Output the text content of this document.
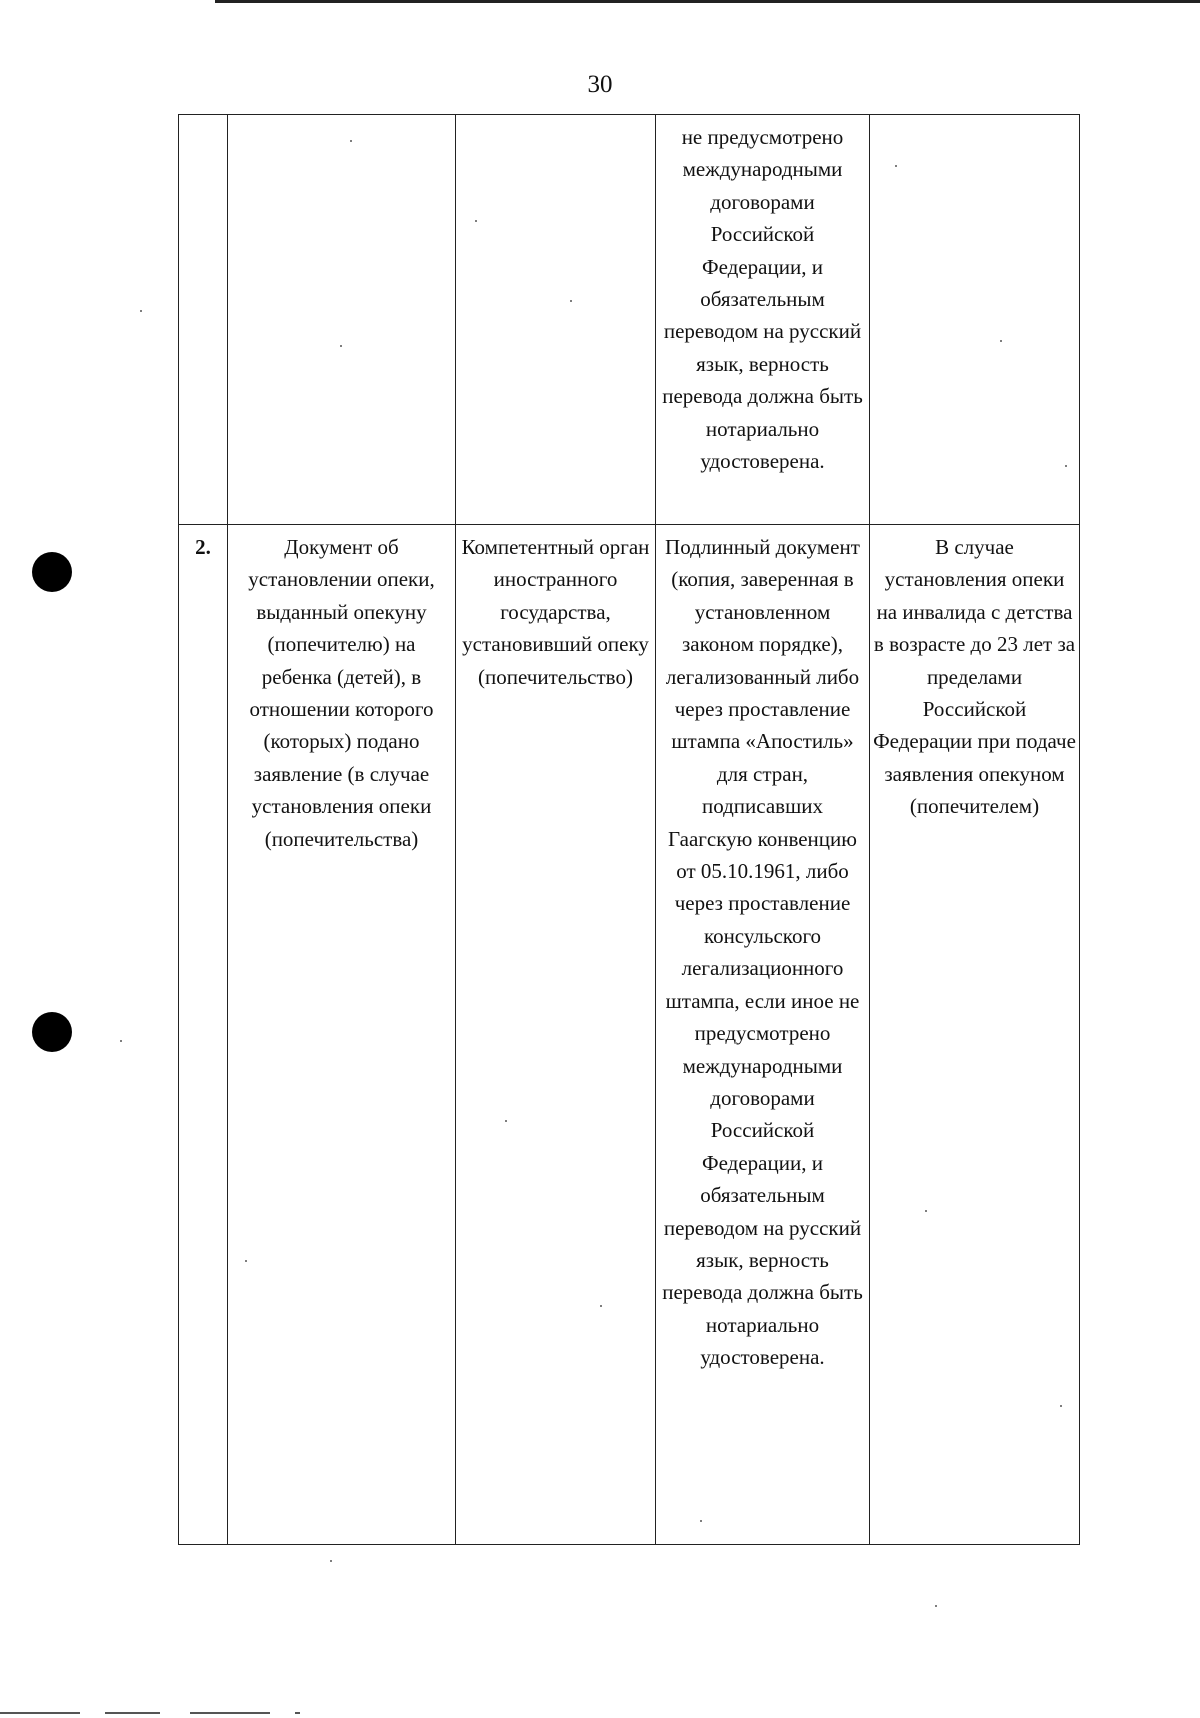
30
			не предусмотрено международными договорами Российской Федерации, и обязательным переводом на русский язык, верность перевода должна быть нотариально удостоверена.	
2.	Документ об установлении опеки, выданный опекуну (попечителю) на ребенка (детей), в отношении которого (которых) подано заявление (в случае установления опеки (попечительства)	Компетентный орган иностранного государства, установивший опеку (попечительство)	Подлинный документ (копия, заверенная в установленном законом порядке), легализованный либо через проставление штампа «Апостиль» для стран, подписавших Гаагскую конвенцию от 05.10.1961, либо через проставление консульского легализационного штампа, если иное не предусмотрено международными договорами Российской Федерации, и обязательным переводом на русский язык, верность перевода должна быть нотариально удостоверена.	В случае установления опеки на инвалида с детства в возрасте до 23 лет за пределами Российской Федерации при подаче заявления опекуном (попечителем)
